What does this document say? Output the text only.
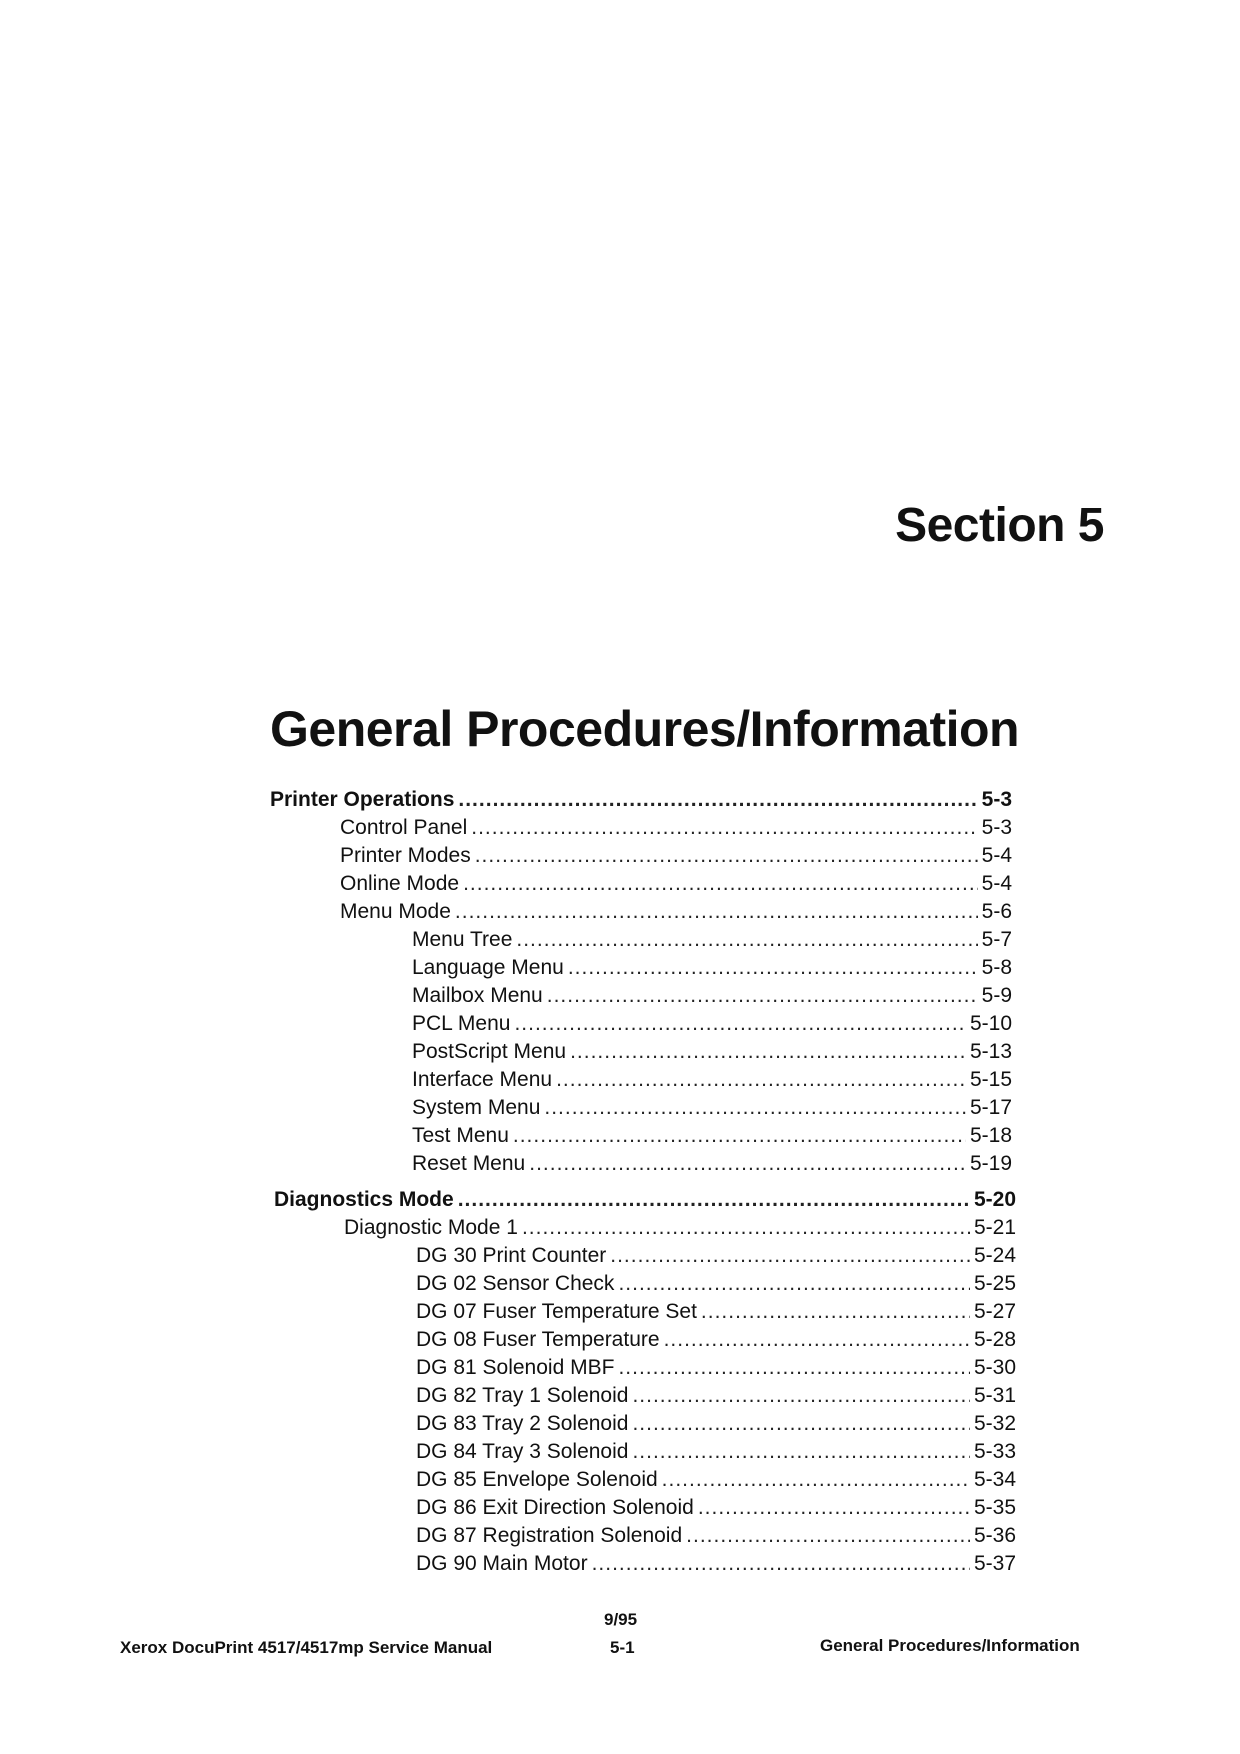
Section 5
General Procedures/Information
Printer Operations .....	5-3
Control Panel .....	5-3
Printer Modes .....	5-4
Online Mode .....	5-4
Menu Mode .....	5-6
Menu Tree .....	5-7
Language Menu .....	5-8
Mailbox Menu .....	5-9
PCL Menu .....	5-10
PostScript Menu .....	5-13
Interface Menu .....	5-15
System Menu .....	5-17
Test Menu .....	5-18
Reset Menu .....	5-19
Diagnostics Mode .....	5-20
Diagnostic Mode 1 .....	5-21
DG 30 Print Counter .....	5-24
DG 02 Sensor Check .....	5-25
DG 07 Fuser Temperature Set .....	5-27
DG 08 Fuser Temperature .....	5-28
DG 81 Solenoid MBF .....	5-30
DG 82 Tray 1 Solenoid .....	5-31
DG 83 Tray 2 Solenoid .....	5-32
DG 84 Tray 3 Solenoid .....	5-33
DG 85 Envelope Solenoid .....	5-34
DG 86 Exit Direction Solenoid .....	5-35
DG 87 Registration Solenoid .....	5-36
DG 90 Main Motor .....	5-37
9/95
Xerox DocuPrint 4517/4517mp Service Manual	5-1	General Procedures/Information
